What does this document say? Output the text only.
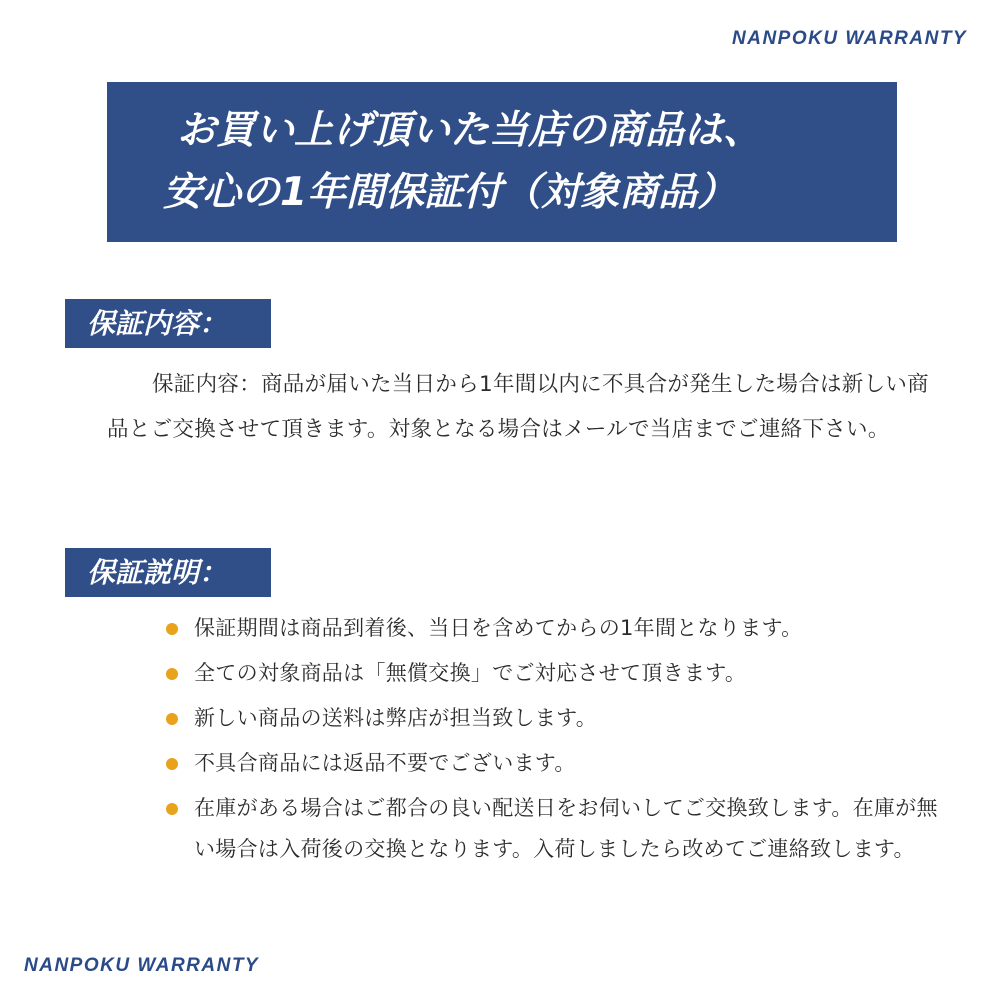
NANPOKU WARRANTY
お買い上げ頂いた当店の商品は、
安心の1年間保証付（対象商品）
保証内容：

保証内容：商品が届いた当日から1年間以内に不具合が発生した場合は新しい商品とご交換させて頂きます。対象となる場合はメールで当店までご連絡下さい。

保証説明：
保証期間は商品到着後、当日を含めてからの1年間となります。
全ての対象商品は「無償交換」でご対応させて頂きます。
新しい商品の送料は弊店が担当致します。
不具合商品には返品不要でございます。
在庫がある場合はご都合の良い配送日をお伺いしてご交換致します。在庫が無い場合は入荷後の交換となります。入荷しましたら改めてご連絡致します。
NANPOKU WARRANTY
